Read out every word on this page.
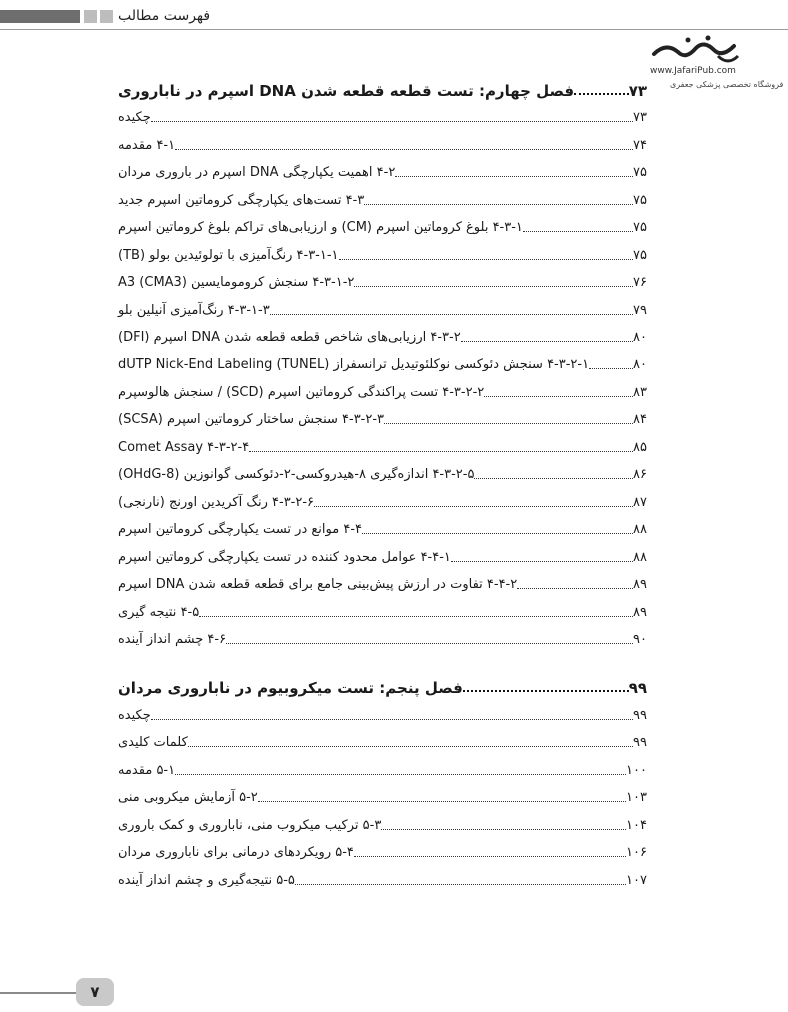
فهرست مطالب
www.JafariPub.com
فروشگاه تخصصی پزشکی جعفری
فصل چهارم: تست قطعه قطعه شدن DNA اسپرم در ناباروری	۷۳
چکیده	۷۳
۴-۱ مقدمه	۷۴
۴-۲ اهمیت یکپارچگی DNA اسپرم در باروری مردان	۷۵
۴-۳ تست‌های یکپارچگی کروماتین اسپرم جدید	۷۵
۴-۳-۱ بلوغ کروماتین اسپرم (CM) و ارزیابی‌های تراکم بلوغ کروماتین اسپرم	۷۵
۴-۳-۱-۱ رنگ‌آمیزی با تولوئیدین بولو (TB)	۷۵
۴-۳-۱-۲ سنجش کرومومایسین A3 (CMA3)	۷۶
۴-۳-۱-۳ رنگ‌آمیزی آنیلین بلو	۷۹
۴-۳-۲ ارزیابی‌های شاخص قطعه قطعه شدن DNA اسپرم (DFI)	۸۰
۴-۳-۲-۱ سنجش دئوکسی نوکلئوتیدیل ترانسفراز (dUTP Nick-End Labeling (TUNEL	۸۰
۴-۳-۲-۲ تست پراکندگی کروماتین اسپرم (SCD) / سنجش هالوسپرم	۸۳
۴-۳-۲-۳ سنجش ساختار کروماتین اسپرم (SCSA)	۸۴
۴-۳-۲-۴ Comet Assay	۸۵
۴-۳-۲-۵ اندازه‌گیری ۸-هیدروکسی-۲-دئوکسی گوانوزین (8-OHdG)	۸۶
۴-۳-۲-۶ رنگ آکریدین اورنج (نارنجی)	۸۷
۴-۴ موانع در تست یکپارچگی کروماتین اسپرم	۸۸
۴-۴-۱ عوامل محدود کننده در تست یکپارچگی کروماتین اسپرم	۸۸
۴-۴-۲ تفاوت در ارزش پیش‌بینی جامع برای قطعه قطعه شدن DNA اسپرم	۸۹
۴-۵ نتیجه گیری	۸۹
۴-۶ چشم انداز آینده	۹۰
فصل پنجم: تست میکروبیوم در ناباروری مردان	۹۹
چکیده	۹۹
کلمات کلیدی	۹۹
۵-۱ مقدمه	۱۰۰
۵-۲ آزمایش میکروبی منی	۱۰۳
۵-۳ ترکیب میکروب منی، ناباروری و کمک باروری	۱۰۴
۵-۴ رویکردهای درمانی برای ناباروری مردان	۱۰۶
۵-۵ نتیجه‌گیری و چشم انداز آینده	۱۰۷
۷
